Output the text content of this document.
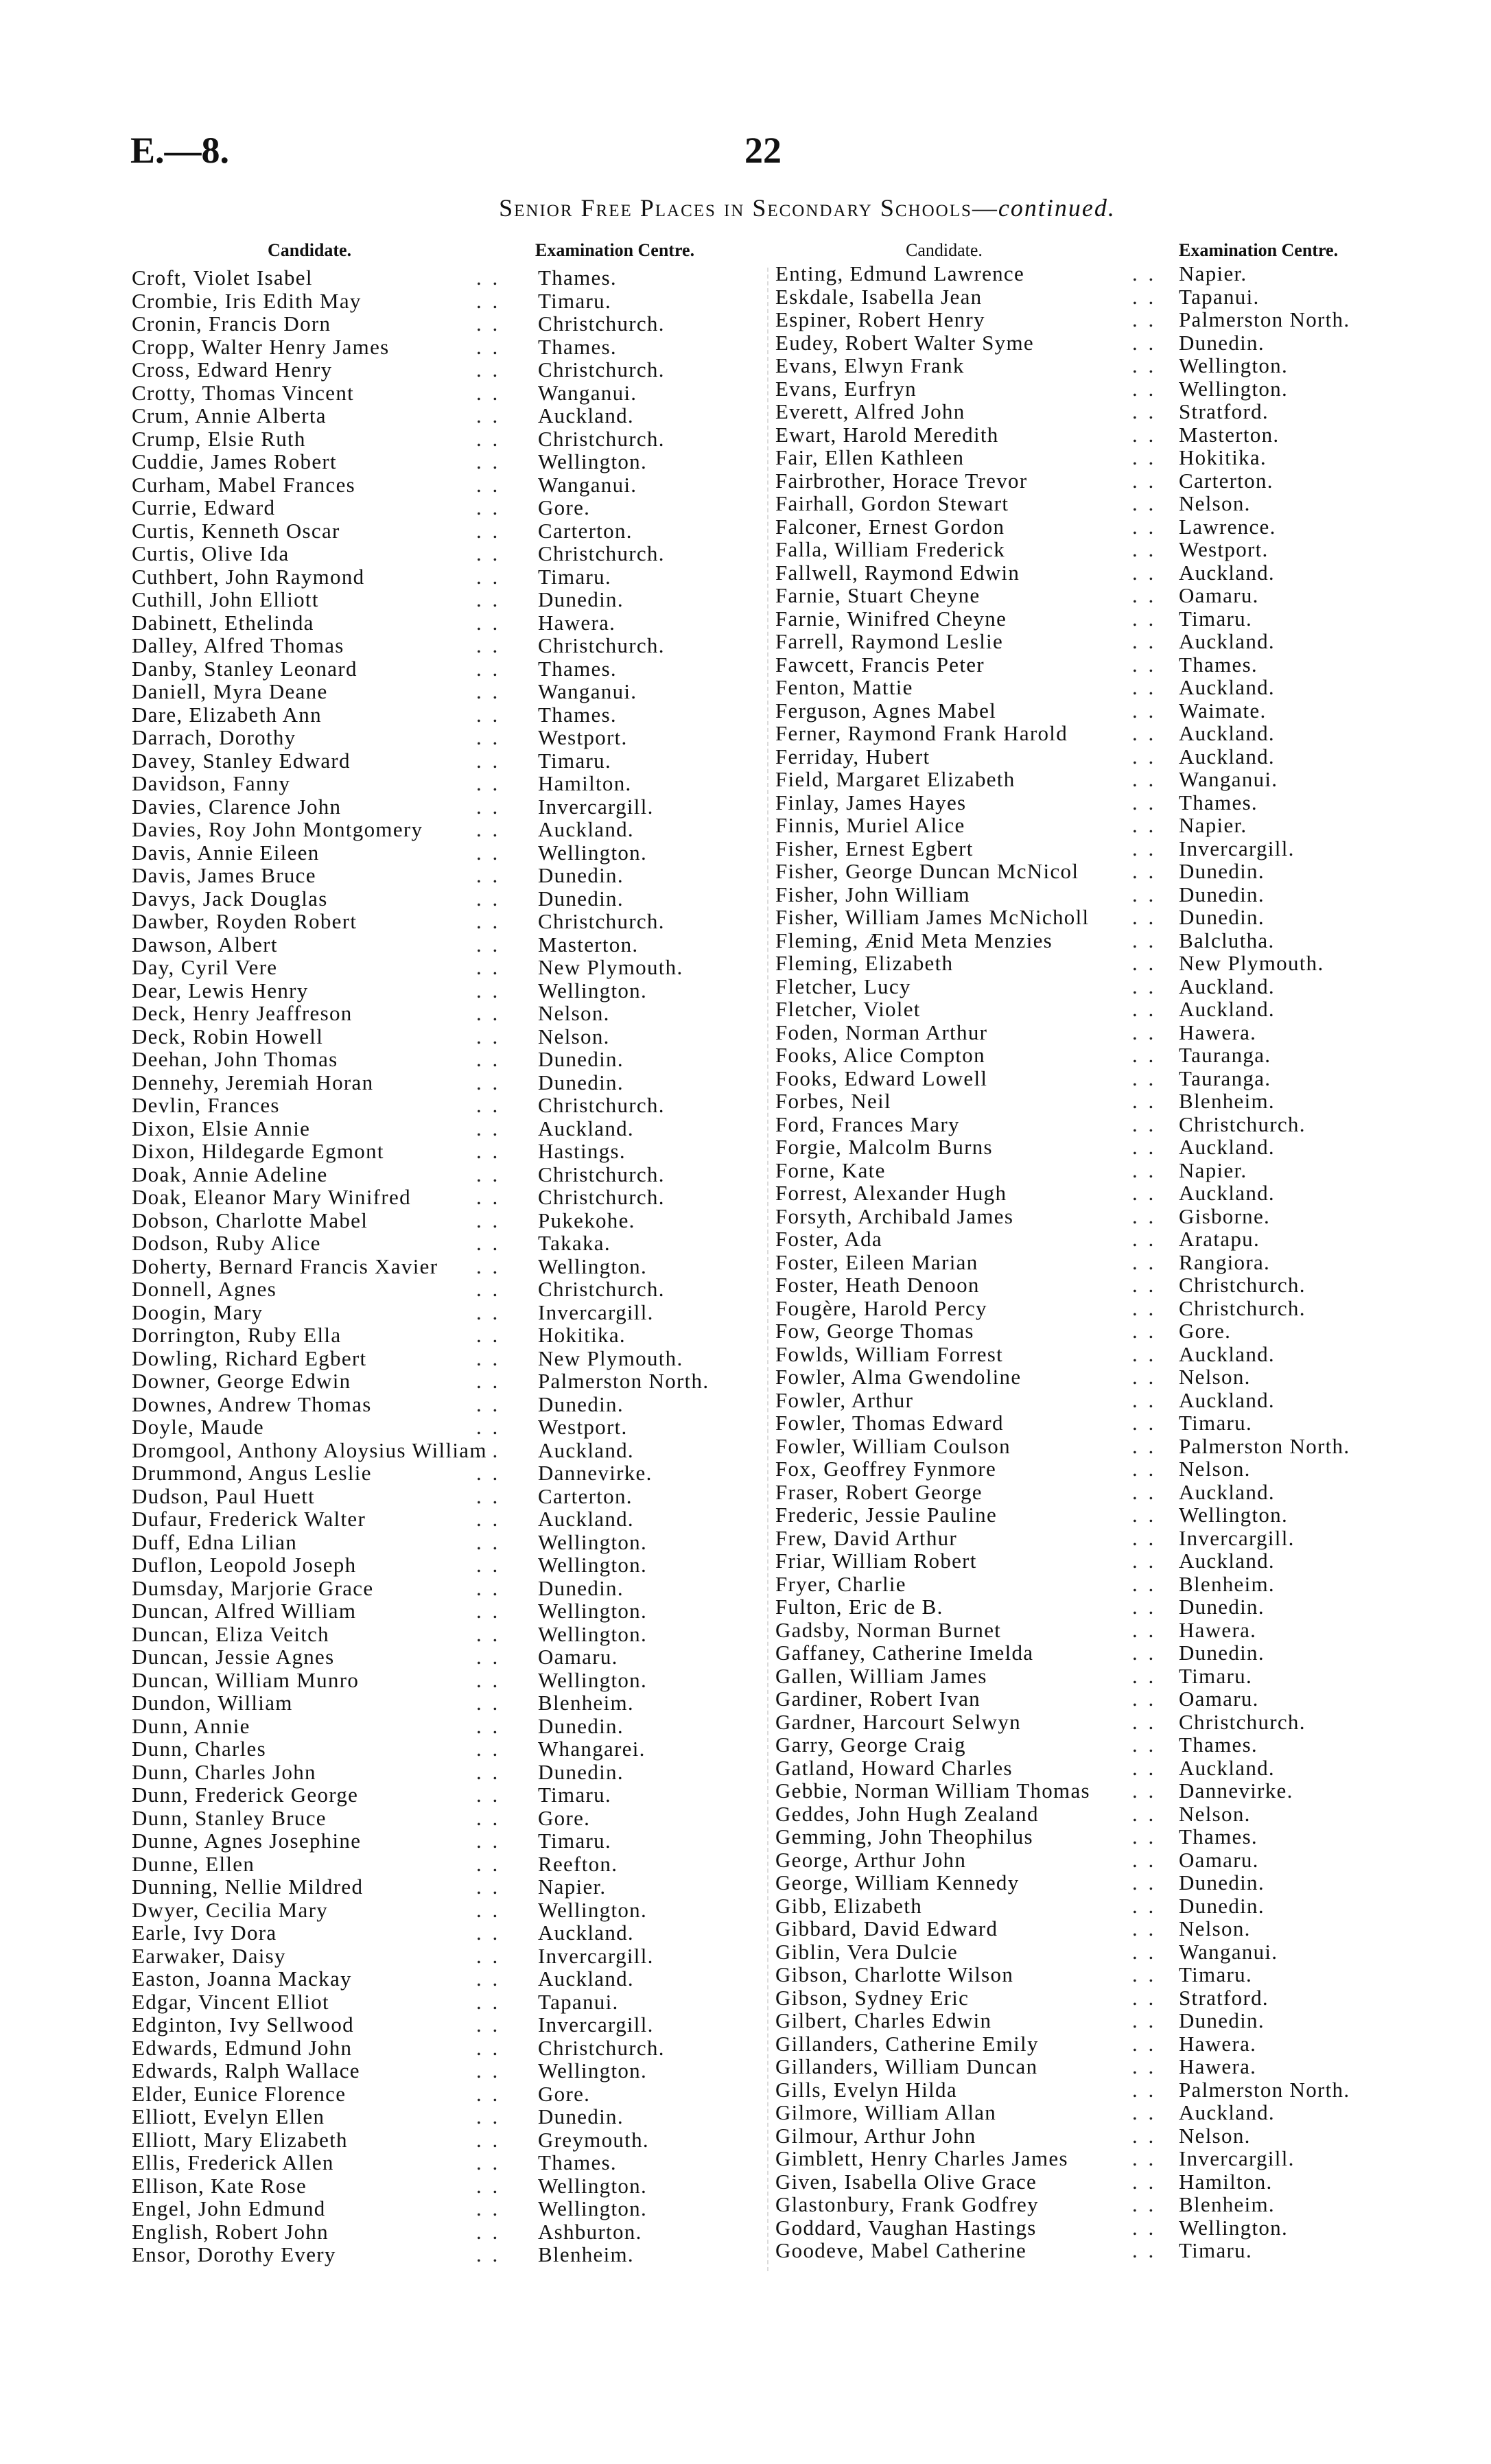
E.—8.	22
Senior Free Places in Secondary Schools—continued.
Candidate.	Examination Centre.	Candidate.	Examination Centre.
Croft, Violet Isabel . .	Thames.
Crombie, Iris Edith May . .	Timaru.
Cronin, Francis Dorn . .	Christchurch.
Cropp, Walter Henry James . .	Thames.
Cross, Edward Henry . .	Christchurch.
Crotty, Thomas Vincent . .	Wanganui.
Crum, Annie Alberta . .	Auckland.
Crump, Elsie Ruth . .	Christchurch.
Cuddie, James Robert . .	Wellington.
Curham, Mabel Frances . .	Wanganui.
Currie, Edward . .	Gore.
Curtis, Kenneth Oscar . .	Carterton.
Curtis, Olive Ida . .	Christchurch.
Cuthbert, John Raymond . .	Timaru.
Cuthill, John Elliott . .	Dunedin.
Dabinett, Ethelinda . .	Hawera.
Dalley, Alfred Thomas . .	Christchurch.
Danby, Stanley Leonard . .	Thames.
Daniell, Myra Deane . .	Wanganui.
Dare, Elizabeth Ann . .	Thames.
Darrach, Dorothy . .	Westport.
Davey, Stanley Edward . .	Timaru.
Davidson, Fanny . .	Hamilton.
Davies, Clarence John . .	Invercargill.
Davies, Roy John Montgomery . .	Auckland.
Davis, Annie Eileen . .	Wellington.
Davis, James Bruce . .	Dunedin.
Davys, Jack Douglas . .	Dunedin.
Dawber, Royden Robert . .	Christchurch.
Dawson, Albert . .	Masterton.
Day, Cyril Vere . .	New Plymouth.
Dear, Lewis Henry . .	Wellington.
Deck, Henry Jeaffreson . .	Nelson.
Deck, Robin Howell . .	Nelson.
Deehan, John Thomas . .	Dunedin.
Dennehy, Jeremiah Horan . .	Dunedin.
Devlin, Frances . .	Christchurch.
Dixon, Elsie Annie . .	Auckland.
Dixon, Hildegarde Egmont . .	Hastings.
Doak, Annie Adeline . .	Christchurch.
Doak, Eleanor Mary Winifred . .	Christchurch.
Dobson, Charlotte Mabel . .	Pukekohe.
Dodson, Ruby Alice . .	Takaka.
Doherty, Bernard Francis Xavier . .	Wellington.
Donnell, Agnes . .	Christchurch.
Doogin, Mary . .	Invercargill.
Dorrington, Ruby Ella . .	Hokitika.
Dowling, Richard Egbert . .	New Plymouth.
Downer, George Edwin . .	Palmerston North.
Downes, Andrew Thomas . .	Dunedin.
Doyle, Maude . .	Westport.
Dromgool, Anthony Aloysius William . . Auckland.
Drummond, Angus Leslie . .	Dannevirke.
Dudson, Paul Huett . .	Carterton.
Dufaur, Frederick Walter . .	Auckland.
Duff, Edna Lilian . .	Wellington.
Duflon, Leopold Joseph . .	Wellington.
Dumsday, Marjorie Grace . .	Dunedin.
Duncan, Alfred William . .	Wellington.
Duncan, Eliza Veitch . .	Wellington.
Duncan, Jessie Agnes . .	Oamaru.
Duncan, William Munro . .	Wellington.
Dundon, William . .	Blenheim.
Dunn, Annie . .	Dunedin.
Dunn, Charles . .	Whangarei.
Dunn, Charles John . .	Dunedin.
Dunn, Frederick George . .	Timaru.
Dunn, Stanley Bruce . .	Gore.
Dunne, Agnes Josephine . .	Timaru.
Dunne, Ellen . .	Reefton.
Dunning, Nellie Mildred . .	Napier.
Dwyer, Cecilia Mary . .	Wellington.
Earle, Ivy Dora . .	Auckland.
Earwaker, Daisy . .	Invercargill.
Easton, Joanna Mackay . .	Auckland.
Edgar, Vincent Elliot . .	Tapanui.
Edginton, Ivy Sellwood . .	Invercargill.
Edwards, Edmund John . .	Christchurch.
Edwards, Ralph Wallace . .	Wellington.
Elder, Eunice Florence . .	Gore.
Elliott, Evelyn Ellen . .	Dunedin.
Elliott, Mary Elizabeth . .	Greymouth.
Ellis, Frederick Allen . .	Thames.
Ellison, Kate Rose . .	Wellington.
Engel, John Edmund . .	Wellington.
English, Robert John . .	Ashburton.
Ensor, Dorothy Every . .	Blenheim.
Enting, Edmund Lawrence . .	Napier.
Eskdale, Isabella Jean . .	Tapanui.
Espiner, Robert Henry . .	Palmerston North.
Eudey, Robert Walter Syme . .	Dunedin.
Evans, Elwyn Frank . .	Wellington.
Evans, Eurfryn . .	Wellington.
Everett, Alfred John . .	Stratford.
Ewart, Harold Meredith . .	Masterton.
Fair, Ellen Kathleen . .	Hokitika.
Fairbrother, Horace Trevor . .	Carterton.
Fairhall, Gordon Stewart . .	Nelson.
Falconer, Ernest Gordon . .	Lawrence.
Falla, William Frederick . .	Westport.
Fallwell, Raymond Edwin . .	Auckland.
Farnie, Stuart Cheyne . .	Oamaru.
Farnie, Winifred Cheyne . .	Timaru.
Farrell, Raymond Leslie . .	Auckland.
Fawcett, Francis Peter . .	Thames.
Fenton, Mattie . .	Auckland.
Ferguson, Agnes Mabel . .	Waimate.
Ferner, Raymond Frank Harold . .	Auckland.
Ferriday, Hubert . .	Auckland.
Field, Margaret Elizabeth . .	Wanganui.
Finlay, James Hayes . .	Thames.
Finnis, Muriel Alice . .	Napier.
Fisher, Ernest Egbert . .	Invercargill.
Fisher, George Duncan McNicol . .	Dunedin.
Fisher, John William . .	Dunedin.
Fisher, William James McNicholl . .	Dunedin.
Fleming, Ænid Meta Menzies . .	Balclutha.
Fleming, Elizabeth . .	New Plymouth.
Fletcher, Lucy . .	Auckland.
Fletcher, Violet . .	Auckland.
Foden, Norman Arthur . .	Hawera.
Fooks, Alice Compton . .	Tauranga.
Fooks, Edward Lowell . .	Tauranga.
Forbes, Neil . .	Blenheim.
Ford, Frances Mary . .	Christchurch.
Forgie, Malcolm Burns . .	Auckland.
Forne, Kate . .	Napier.
Forrest, Alexander Hugh . .	Auckland.
Forsyth, Archibald James . .	Gisborne.
Foster, Ada . .	Aratapu.
Foster, Eileen Marian . .	Rangiora.
Foster, Heath Denoon . .	Christchurch.
Fougère, Harold Percy . .	Christchurch.
Fow, George Thomas . .	Gore.
Fowlds, William Forrest . .	Auckland.
Fowler, Alma Gwendoline . .	Nelson.
Fowler, Arthur . .	Auckland.
Fowler, Thomas Edward . .	Timaru.
Fowler, William Coulson . .	Palmerston North.
Fox, Geoffrey Fynmore . .	Nelson.
Fraser, Robert George . .	Auckland.
Frederic, Jessie Pauline . .	Wellington.
Frew, David Arthur . .	Invercargill.
Friar, William Robert . .	Auckland.
Fryer, Charlie . .	Blenheim.
Fulton, Eric de B. . .	Dunedin.
Gadsby, Norman Burnet . .	Hawera.
Gaffaney, Catherine Imelda . .	Dunedin.
Gallen, William James . .	Timaru.
Gardiner, Robert Ivan . .	Oamaru.
Gardner, Harcourt Selwyn . .	Christchurch.
Garry, George Craig . .	Thames.
Gatland, Howard Charles . .	Auckland.
Gebbie, Norman William Thomas . .	Dannevirke.
Geddes, John Hugh Zealand . .	Nelson.
Gemming, John Theophilus . .	Thames.
George, Arthur John . .	Oamaru.
George, William Kennedy . .	Dunedin.
Gibb, Elizabeth . .	Dunedin.
Gibbard, David Edward . .	Nelson.
Giblin, Vera Dulcie . .	Wanganui.
Gibson, Charlotte Wilson . .	Timaru.
Gibson, Sydney Eric . .	Stratford.
Gilbert, Charles Edwin . .	Dunedin.
Gillanders, Catherine Emily . .	Hawera.
Gillanders, William Duncan . .	Hawera.
Gills, Evelyn Hilda . .	Palmerston North.
Gilmore, William Allan . .	Auckland.
Gilmour, Arthur John . .	Nelson.
Gimblett, Henry Charles James . .	Invercargill.
Given, Isabella Olive Grace . .	Hamilton.
Glastonbury, Frank Godfrey . .	Blenheim.
Goddard, Vaughan Hastings . .	Wellington.
Goodeve, Mabel Catherine . .	Timaru.
